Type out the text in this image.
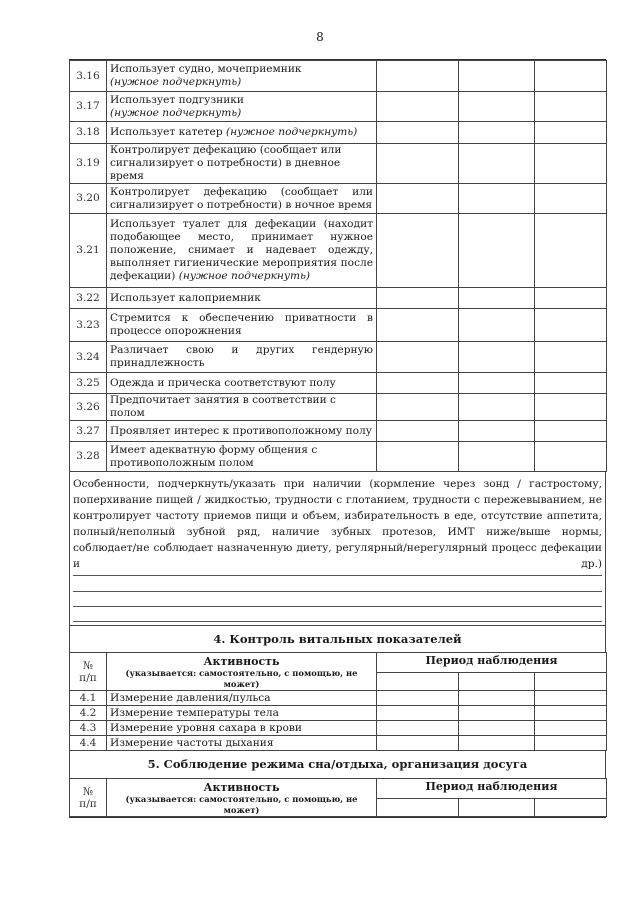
8
3.16	Использует судно, мочеприемник
(нужное подчеркнуть)			
3.17	Использует подгузники
(нужное подчеркнуть)			
3.18	Использует катетер (нужное подчеркнуть)			
3.19	Контролирует дефекацию (сообщает или сигнализирует о потребности) в дневное время			
3.20	Контролирует дефекацию (сообщает или сигнализирует о потребности) в ночное время			
3.21	Использует туалет для дефекации (находит подобающее место, принимает нужное положение, снимает и надевает одежду, выполняет гигиенические мероприятия после дефекации) (нужное подчеркнуть)			
3.22	Использует калоприемник			
3.23	Стремится к обеспечению приватности в процессе опорожнения			
3.24	Различает свою и других гендерную принадлежность			
3.25	Одежда и прическа соответствуют полу			
3.26	Предпочитает занятия в соответствии с полом			
3.27	Проявляет интерес к противоположному полу			
3.28	Имеет адекватную форму общения с противоположным полом			

Особенности, подчеркнуть/указать при наличии (кормление через зонд / гастростому, поперхивание пищей / жидкостью, трудности с глотанием, трудности с пережевыванием, не контролирует частоту приемов пищи и объем, избирательность в еде, отсутствие аппетита, полный/неполный зубной ряд, наличие зубных протезов, ИМТ ниже/выше нормы, соблюдает/не соблюдает назначенную диету, регулярный/нерегулярный процесс дефекации и	др.)

4. Контроль витальных показателей
№
п/п	Активность
(указывается: самостоятельно, с помощью, не может)	Период наблюдения		

4.1	Измерение давления/пульса			
4.2	Измерение температуры тела			
4.3	Измерение уровня сахара в крови			
4.4	Измерение частоты дыхания			
5. Соблюдение режима сна/отдыха, организация досуга
№
п/п	Активность
(указывается: самостоятельно, с помощью, не может)	Период наблюдения		
